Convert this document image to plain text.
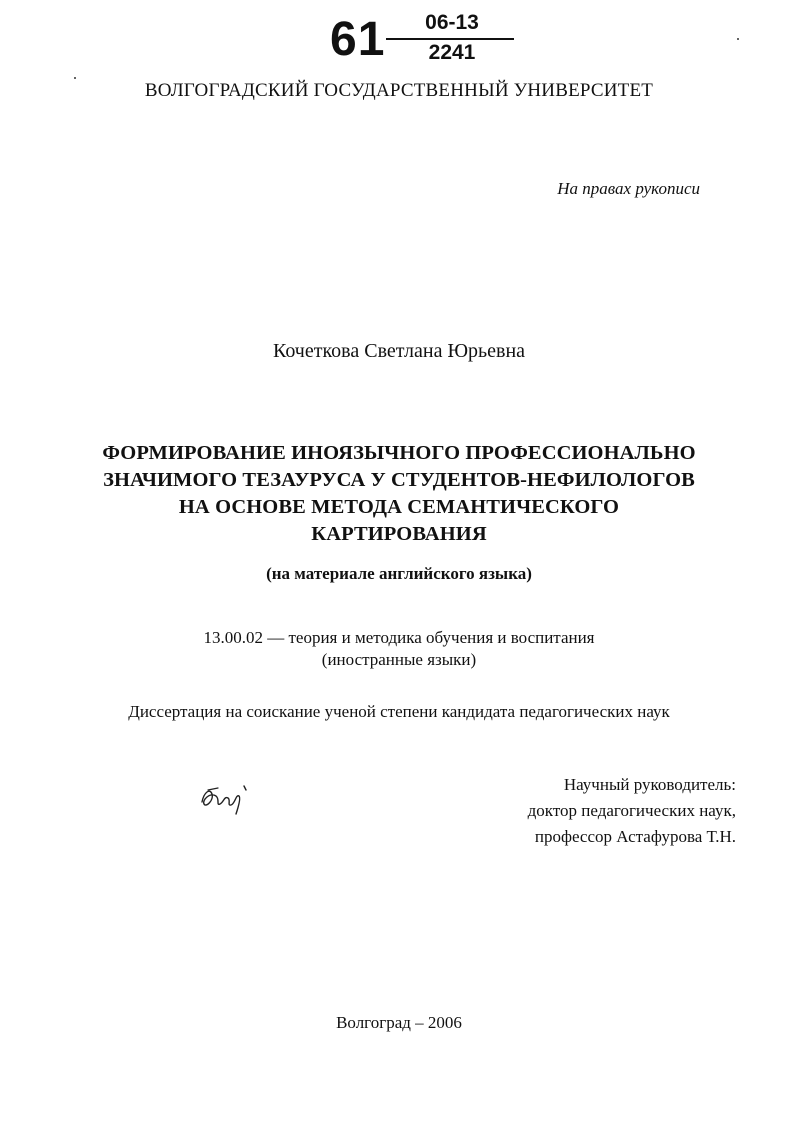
61 06-13
2241
ВОЛГОГРАДСКИЙ ГОСУДАРСТВЕННЫЙ УНИВЕРСИТЕТ
На правах рукописи
Кочеткова Светлана Юрьевна
ФОРМИРОВАНИЕ ИНОЯЗЫЧНОГО ПРОФЕССИОНАЛЬНО
ЗНАЧИМОГО ТЕЗАУРУСА У СТУДЕНТОВ-НЕФИЛОЛОГОВ
НА ОСНОВЕ МЕТОДА СЕМАНТИЧЕСКОГО
КАРТИРОВАНИЯ
(на материале английского языка)
13.00.02 — теория и методика обучения и воспитания
(иностранные языки)
Диссертация на соискание ученой степени кандидата педагогических наук
Научный руководитель:
доктор педагогических наук,
профессор Астафурова Т.Н.
Волгоград – 2006
